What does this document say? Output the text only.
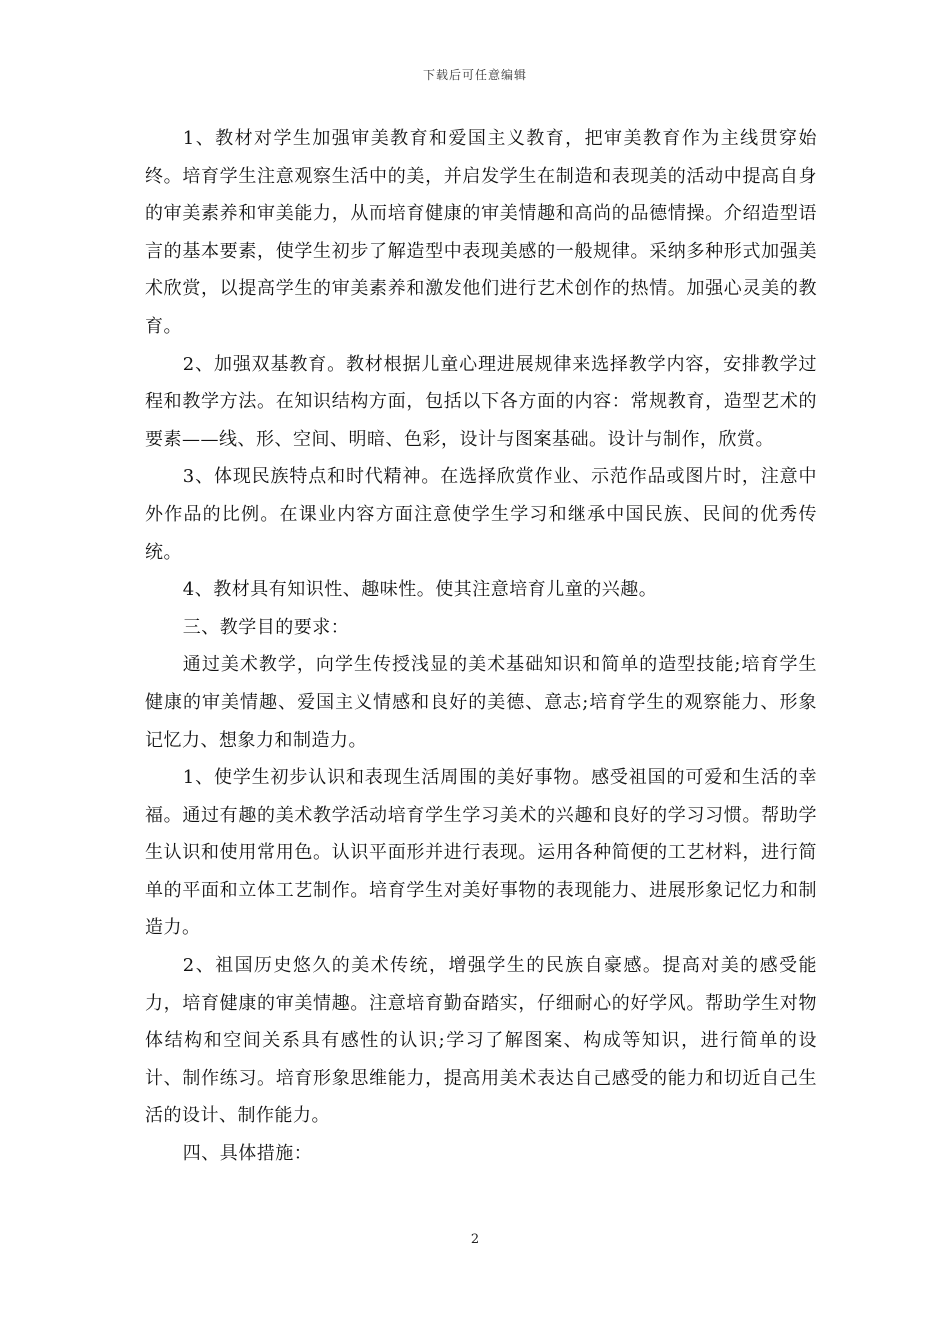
下载后可任意编辑

1、教材对学生加强审美教育和爱国主义教育，把审美教育作为主线贯穿始终。培育学生注意观察生活中的美，并启发学生在制造和表现美的活动中提高自身的审美素养和审美能力，从而培育健康的审美情趣和高尚的品德情操。介绍造型语言的基本要素，使学生初步了解造型中表现美感的一般规律。采纳多种形式加强美术欣赏，以提高学生的审美素养和激发他们进行艺术创作的热情。加强心灵美的教育。

2、加强双基教育。教材根据儿童心理进展规律来选择教学内容，安排教学过程和教学方法。在知识结构方面，包括以下各方面的内容：常规教育，造型艺术的要素——线、形、空间、明暗、色彩，设计与图案基础。设计与制作，欣赏。

3、体现民族特点和时代精神。在选择欣赏作业、示范作品或图片时，注意中外作品的比例。在课业内容方面注意使学生学习和继承中国民族、民间的优秀传统。

4、教材具有知识性、趣味性。使其注意培育儿童的兴趣。

三、教学目的要求：

通过美术教学，向学生传授浅显的美术基础知识和简单的造型技能;培育学生健康的审美情趣、爱国主义情感和良好的美德、意志;培育学生的观察能力、形象记忆力、想象力和制造力。

1、使学生初步认识和表现生活周围的美好事物。感受祖国的可爱和生活的幸福。通过有趣的美术教学活动培育学生学习美术的兴趣和良好的学习习惯。帮助学生认识和使用常用色。认识平面形并进行表现。运用各种简便的工艺材料，进行简单的平面和立体工艺制作。培育学生对美好事物的表现能力、进展形象记忆力和制造力。

2、祖国历史悠久的美术传统，增强学生的民族自豪感。提高对美的感受能力，培育健康的审美情趣。注意培育勤奋踏实，仔细耐心的好学风。帮助学生对物体结构和空间关系具有感性的认识;学习了解图案、构成等知识，进行简单的设计、制作练习。培育形象思维能力，提高用美术表达自己感受的能力和切近自己生活的设计、制作能力。

四、具体措施：

2
